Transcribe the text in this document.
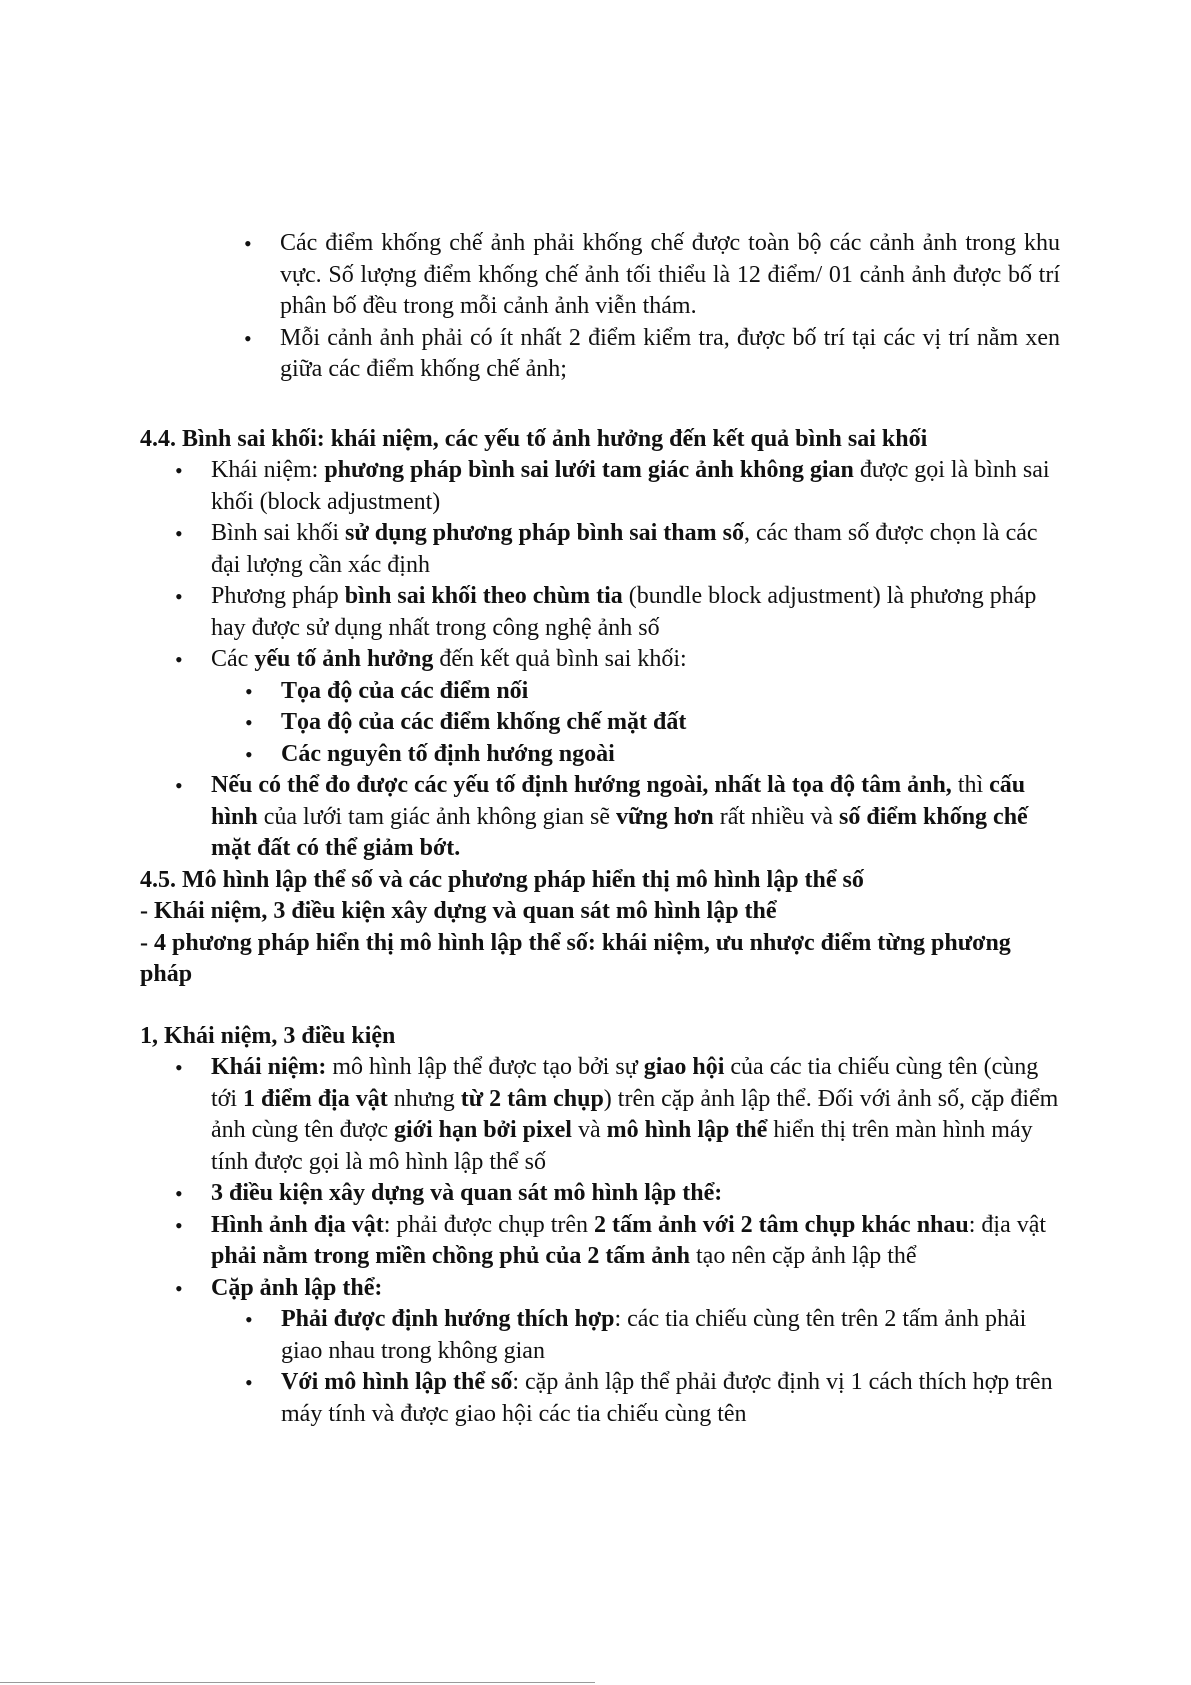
• Các điểm khống chế ảnh phải khống chế được toàn bộ các cảnh ảnh trong khu vực. Số lượng điểm khống chế ảnh tối thiểu là 12 điểm/ 01 cảnh ảnh được bố trí phân bố đều trong mỗi cảnh ảnh viễn thám.
• Mỗi cảnh ảnh phải có ít nhất 2 điểm kiểm tra, được bố trí tại các vị trí nằm xen giữa các điểm khống chế ảnh;
4.4. Bình sai khối: khái niệm, các yếu tố ảnh hưởng đến kết quả bình sai khối
• Khái niệm: phương pháp bình sai lưới tam giác ảnh không gian được gọi là bình sai khối (block adjustment)
• Bình sai khối sử dụng phương pháp bình sai tham số, các tham số được chọn là các đại lượng cần xác định
• Phương pháp bình sai khối theo chùm tia (bundle block adjustment) là phương pháp hay được sử dụng nhất trong công nghệ ảnh số
• Các yếu tố ảnh hưởng đến kết quả bình sai khối:
• Tọa độ của các điểm nối
• Tọa độ của các điểm khống chế mặt đất
• Các nguyên tố định hướng ngoài
• Nếu có thể đo được các yếu tố định hướng ngoài, nhất là tọa độ tâm ảnh, thì cấu hình của lưới tam giác ảnh không gian sẽ vững hơn rất nhiều và số điểm khống chế mặt đất có thể giảm bớt.
4.5. Mô hình lập thể số và các phương pháp hiển thị mô hình lập thể số
- Khái niệm, 3 điều kiện xây dựng và quan sát mô hình lập thể
- 4 phương pháp hiển thị mô hình lập thể số: khái niệm, ưu nhược điểm từng phương pháp
1, Khái niệm, 3 điều kiện
• Khái niệm: mô hình lập thể được tạo bởi sự giao hội của các tia chiếu cùng tên (cùng tới 1 điểm địa vật nhưng từ 2 tâm chụp) trên cặp ảnh lập thể. Đối với ảnh số, cặp điểm ảnh cùng tên được giới hạn bởi pixel và mô hình lập thể hiển thị trên màn hình máy tính được gọi là mô hình lập thể số
• 3 điều kiện xây dựng và quan sát mô hình lập thể:
• Hình ảnh địa vật: phải được chụp trên 2 tấm ảnh với 2 tâm chụp khác nhau: địa vật phải nằm trong miền chồng phủ của 2 tấm ảnh tạo nên cặp ảnh lập thể
• Cặp ảnh lập thể:
• Phải được định hướng thích hợp: các tia chiếu cùng tên trên 2 tấm ảnh phải giao nhau trong không gian
• Với mô hình lập thể số: cặp ảnh lập thể phải được định vị 1 cách thích hợp trên máy tính và được giao hội các tia chiếu cùng tên
